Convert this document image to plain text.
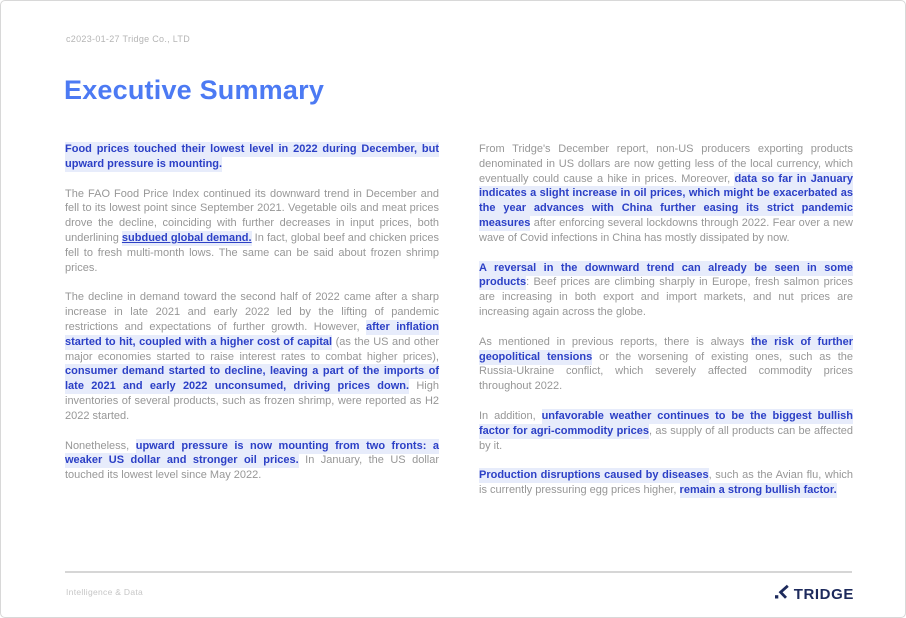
c2023-01-27 Tridge Co., LTD
Executive Summary

Food prices touched their lowest level in 2022 during December, but upward pressure is mounting.

The FAO Food Price Index continued its downward trend in December and fell to its lowest point since September 2021. Vegetable oils and meat prices drove the decline, coinciding with further decreases in input prices, both underlining subdued global demand. In fact, global beef and chicken prices fell to fresh multi-month lows. The same can be said about frozen shrimp prices.

The decline in demand toward the second half of 2022 came after a sharp increase in late 2021 and early 2022 led by the lifting of pandemic restrictions and expectations of further growth. However, after inflation started to hit, coupled with a higher cost of capital (as the US and other major economies started to raise interest rates to combat higher prices), consumer demand started to decline, leaving a part of the imports of late 2021 and early 2022 unconsumed, driving prices down. High inventories of several products, such as frozen shrimp, were reported as H2 2022 started.

Nonetheless, upward pressure is now mounting from two fronts: a weaker US dollar and stronger oil prices. In January, the US dollar touched its lowest level since May 2022.

From Tridge's December report, non-US producers exporting products denominated in US dollars are now getting less of the local currency, which eventually could cause a hike in prices. Moreover, data so far in January indicates a slight increase in oil prices, which might be exacerbated as the year advances with China further easing its strict pandemic measures after enforcing several lockdowns through 2022. Fear over a new wave of Covid infections in China has mostly dissipated by now.

A reversal in the downward trend can already be seen in some products: Beef prices are climbing sharply in Europe, fresh salmon prices are increasing in both export and import markets, and nut prices are increasing again across the globe.

As mentioned in previous reports, there is always the risk of further geopolitical tensions or the worsening of existing ones, such as the Russia-Ukraine conflict, which severely affected commodity prices throughout 2022.

In addition, unfavorable weather continues to be the biggest bullish factor for agri-commodity prices, as supply of all products can be affected by it.

Production disruptions caused by diseases, such as the Avian flu, which is currently pressuring egg prices higher, remain a strong bullish factor.

Intelligence & Data	TRIDGE
